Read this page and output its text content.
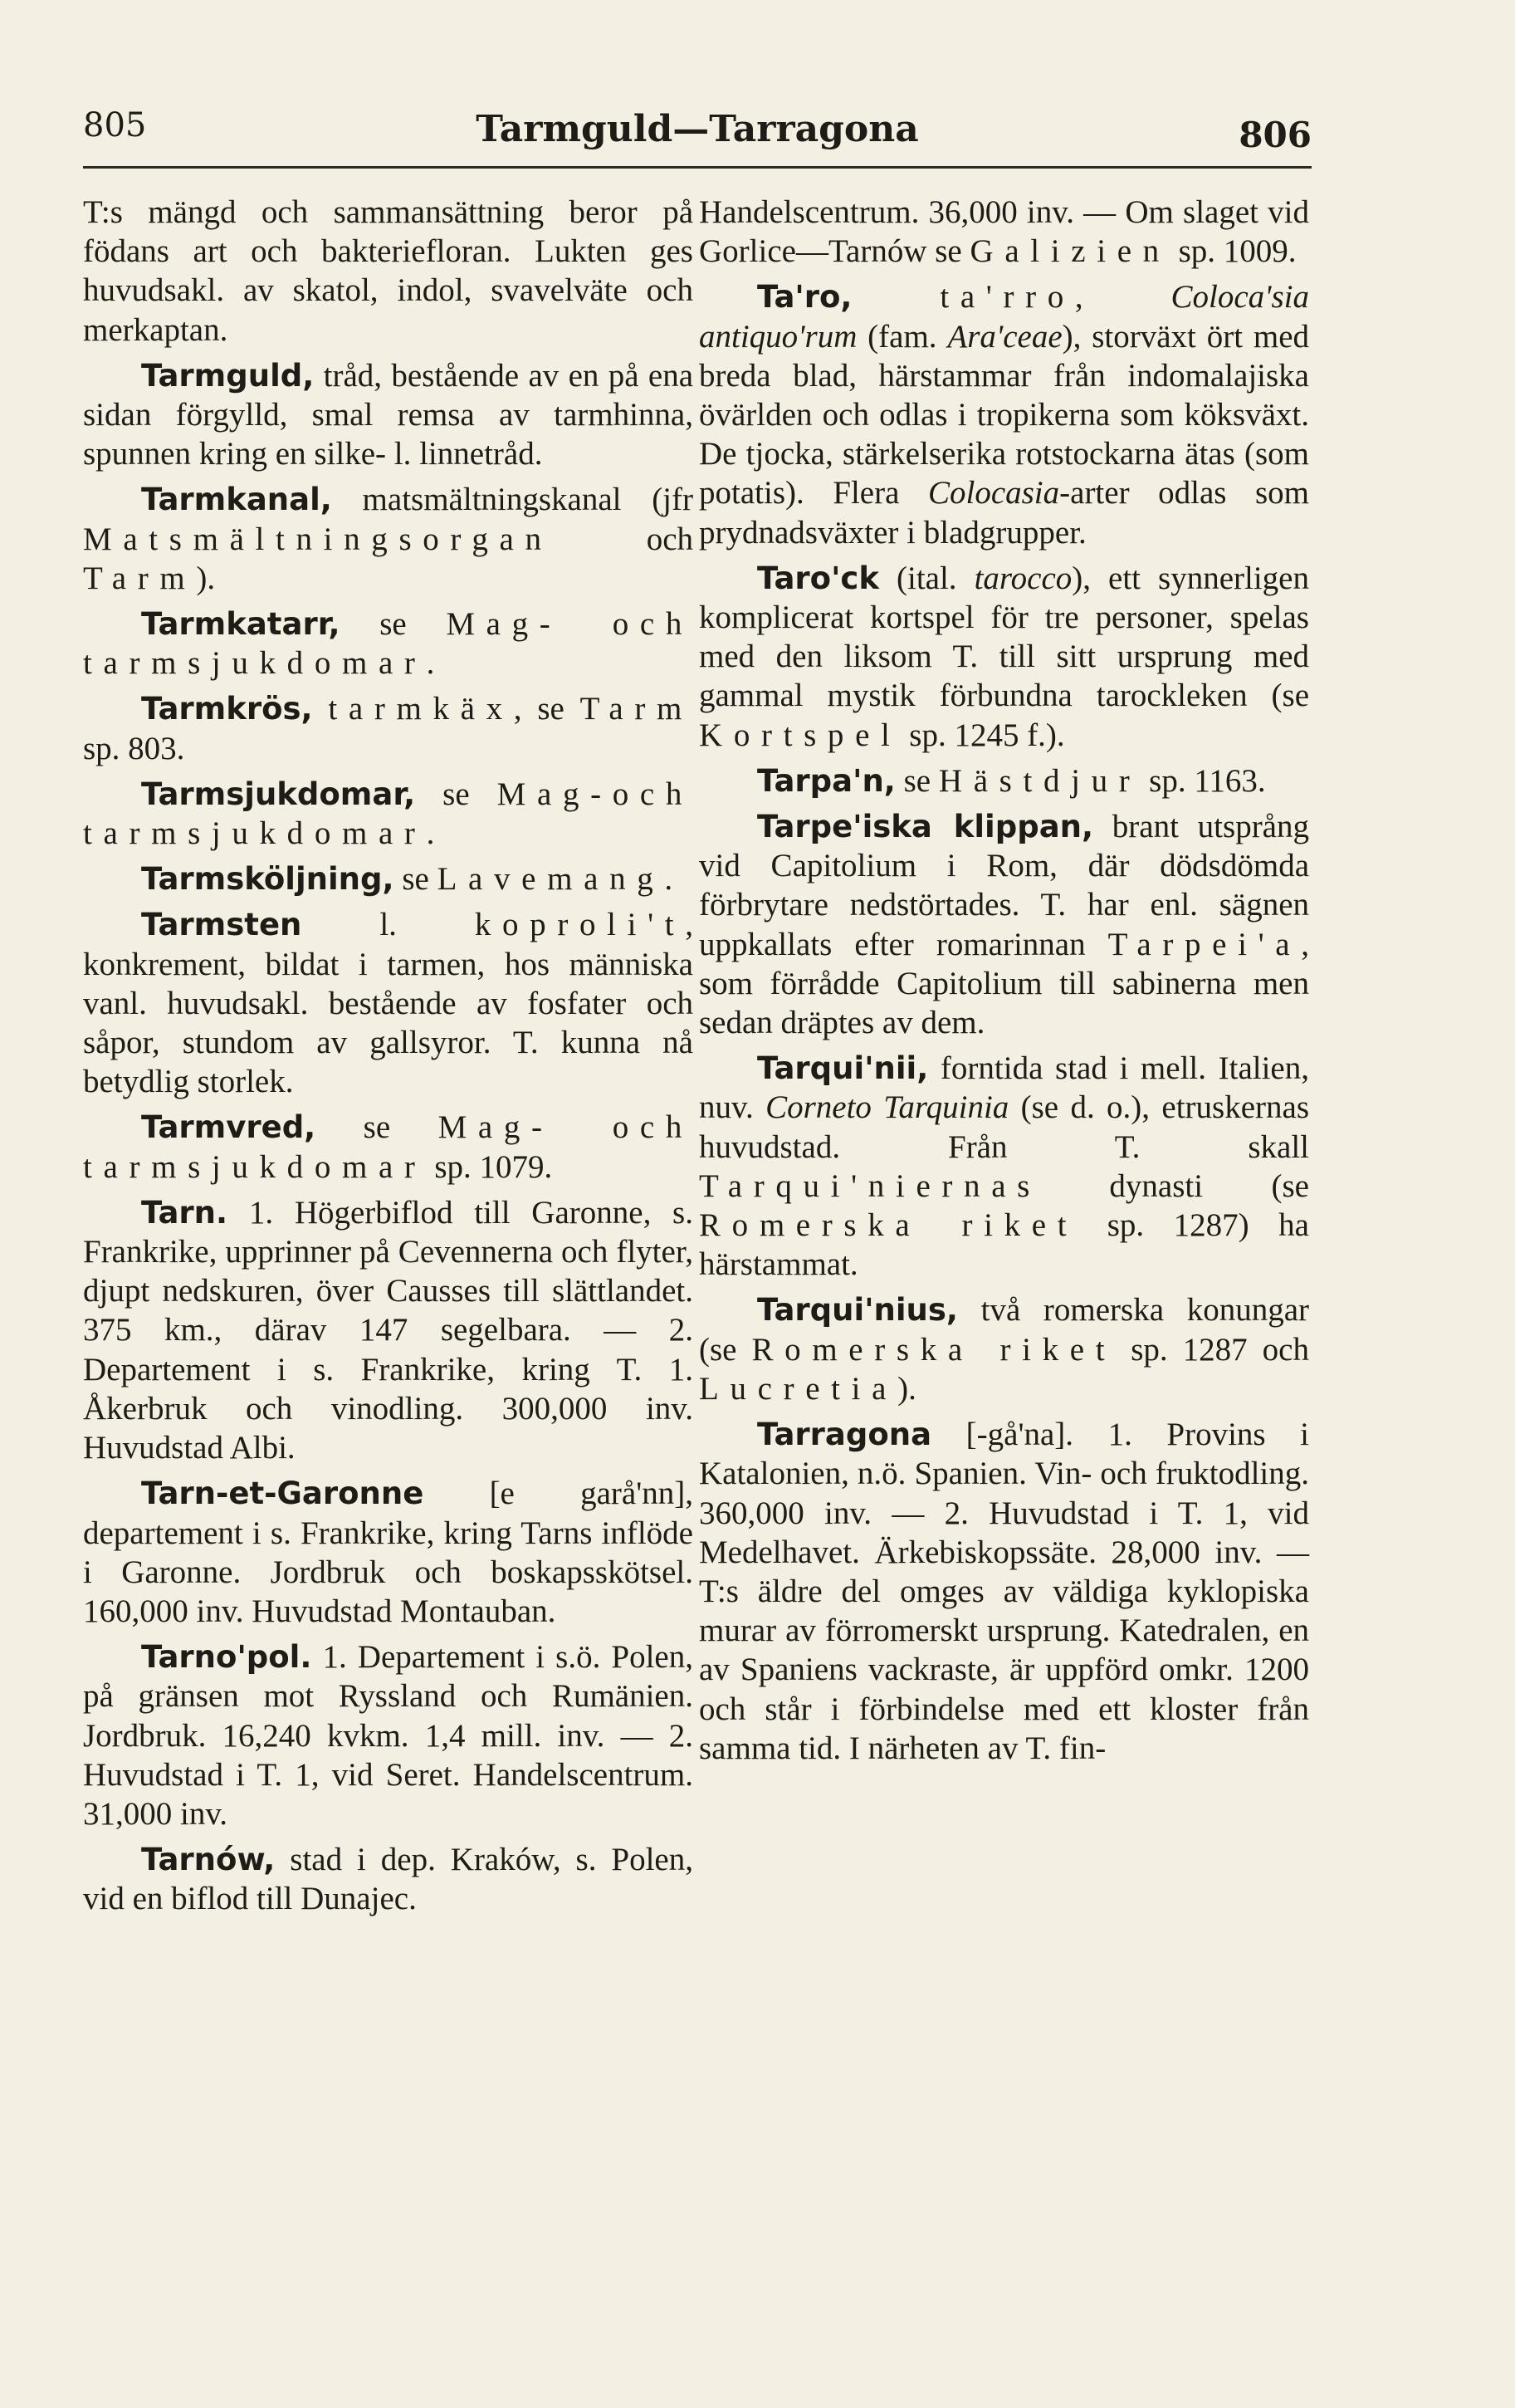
805	Tarmguld—Tarragona	806

T:s mängd och sammansättning beror på födans art och bakteriefloran. Lukten ges huvudsakl. av skatol, indol, svavelväte och merkaptan.

Tarmguld, tråd, bestående av en på ena sidan förgylld, smal remsa av tarmhinna, spunnen kring en silke- l. linnetråd.

Tarmkanal, matsmältningskanal (jfr Matsmältningsorgan och Tarm).

Tarmkatarr, se Mag- och tarmsjukdomar.

Tarmkrös, tarmkäx, se Tarm sp. 803.

Tarmsjukdomar, se Mag-och tarmsjukdomar.

Tarmsköljning, se Lavemang.

Tarmsten l. koproli't, konkrement, bildat i tarmen, hos människa vanl. huvudsakl. bestående av fosfater och såpor, stundom av gallsyror. T. kunna nå betydlig storlek.

Tarmvred, se Mag- och tarmsjukdomar sp. 1079.

Tarn. 1. Högerbiflod till Garonne, s. Frankrike, upprinner på Cevennerna och flyter, djupt nedskuren, över Causses till slättlandet. 375 km., därav 147 segelbara. — 2. Departement i s. Frankrike, kring T. 1. Åkerbruk och vinodling. 300,000 inv. Huvudstad Albi.

Tarn-et-Garonne [e garå'nn], departement i s. Frankrike, kring Tarns inflöde i Garonne. Jordbruk och boskapsskötsel. 160,000 inv. Huvudstad Montauban.

Tarno'pol. 1. Departement i s.ö. Polen, på gränsen mot Ryssland och Rumänien. Jordbruk. 16,240 kvkm. 1,4 mill. inv. — 2. Huvudstad i T. 1, vid Seret. Handelscentrum. 31,000 inv.

Tarnów, stad i dep. Kraków, s. Polen, vid en biflod till Dunajec.

Handelscentrum. 36,000 inv. — Om slaget vid Gorlice—Tarnów se Galizien sp. 1009.

Ta'ro,	ta'rro, Coloca'sia antiquo'rum (fam. Ara'ceae), storväxt ört med breda blad, härstammar från indomalajiska övärlden och odlas i tropikerna som köksväxt. De tjocka, stärkelserika rotstockarna ätas (som potatis). Flera Colocasia-arter odlas som prydnadsväxter i bladgrupper.

Taro'ck (ital. tarocco), ett synnerligen komplicerat kortspel för tre personer, spelas med den liksom T. till sitt ursprung med gammal mystik förbundna tarockleken (se Kortspel sp. 1245 f.).

Tarpa'n, se Hästdjur sp. 1163.

Tarpe'iska klippan, brant utsprång vid Capitolium i Rom, där dödsdömda förbrytare nedstörtades. T. har enl. sägnen uppkallats efter romarinnan Tarpei'a, som förrådde Capitolium till sabinerna men sedan dräptes av dem.

Tarqui'nii, forntida stad i mell. Italien, nuv. Corneto Tarquinia (se d. o.), etruskernas huvudstad. Från T. skall Tarqui'niernas dynasti (se Romerska riket sp. 1287) ha härstammat.

Tarqui'nius, två romerska konungar (se Romerska riket sp. 1287 och Lucretia).

Tarragona [-gå'na]. 1. Provins i Katalonien, n.ö. Spanien. Vin- och fruktodling. 360,000 inv. — 2. Huvudstad i T. 1, vid Medelhavet. Ärkebiskopssäte. 28,000 inv. — T:s äldre del omges av väldiga kyklopiska murar av förromerskt ursprung. Katedralen, en av Spaniens vackraste, är uppförd omkr. 1200 och står i förbindelse med ett kloster från samma tid. I närheten av T. fin-
